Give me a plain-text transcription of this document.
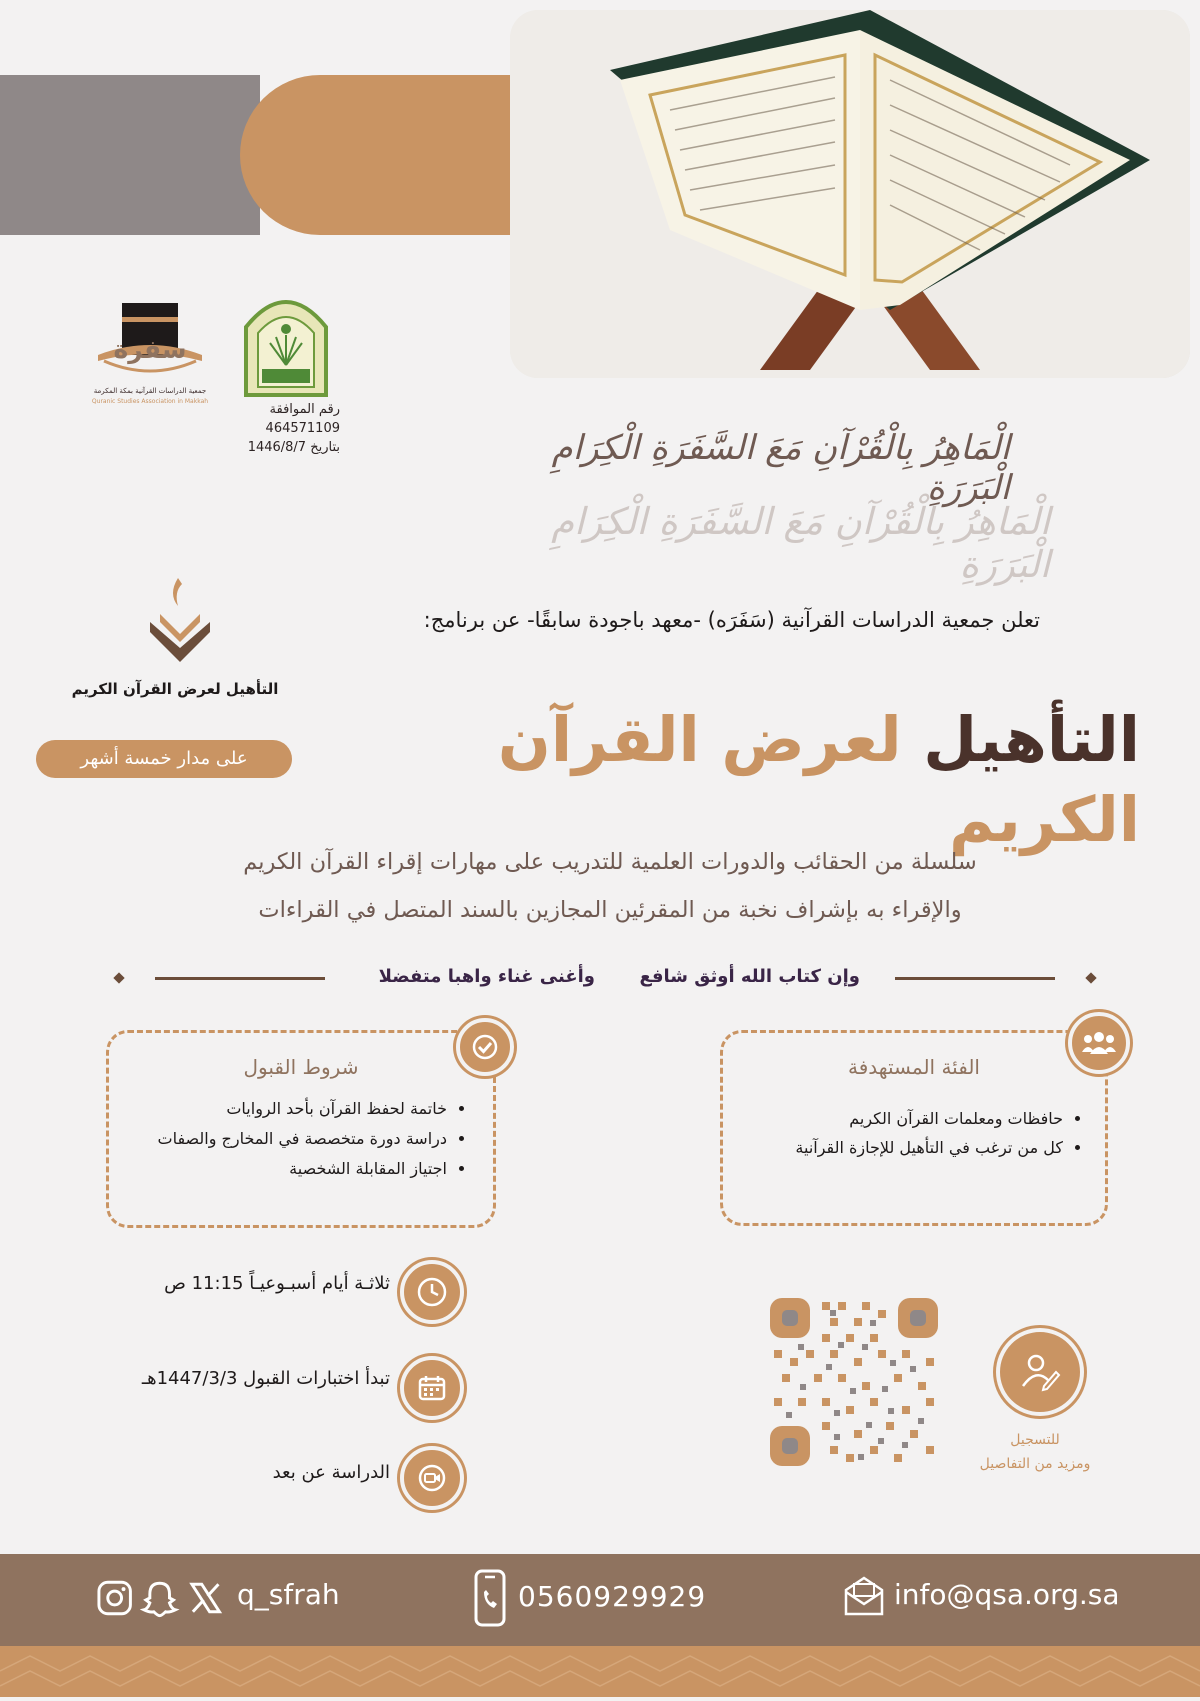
سفرة
جمعية الدراسات القرآنية بمكة المكرمة
Quranic Studies Association in Makkah
رقم الموافقة
464571109
بتاريخ 1446/8/7	الْمَاهِرُ بِالْقُرْآنِ مَعَ السَّفَرَةِ الْكِرَامِ الْبَرَرَةِ
الْمَاهِرُ بِالْقُرْآنِ مَعَ السَّفَرَةِ الْكِرَامِ الْبَرَرَةِ
تعلن جمعية الدراسات القرآنية (سَفَرَه) -معهد باجودة سابقًا- عن برنامج:
التأهيل لعرض القرآن الكريم
على مدار خمسة أشهر	التأهيل لعرض القرآن الكريم
سلسلة من الحقائب والدورات العلمية للتدريب على مهارات إقراء القرآن الكريم
والإقراء به بإشراف نخبة من المقرئين المجازين بالسند المتصل في القراءات
وإن كتاب الله أوثق شافع
وأغنى غناء واهبا متفضلا
الفئة المستهدفة
• حافظات ومعلمات القرآن الكريم
• كل من ترغب في التأهيل للإجازة القرآنية
شروط القبول
• خاتمة لحفظ القرآن بأحد الروايات
• دراسة دورة متخصصة في المخارج والصفات
• اجتياز المقابلة الشخصية
ثلاثـة أيام أسبـوعيـاً 11:15 ص
تبدأ اختبارات القبول 1447/3/3هـ
الدراسة عن بعد
للتسجيل
ومزيد من التفاصيل
q_sfrah	0560929929	info@qsa.org.sa
